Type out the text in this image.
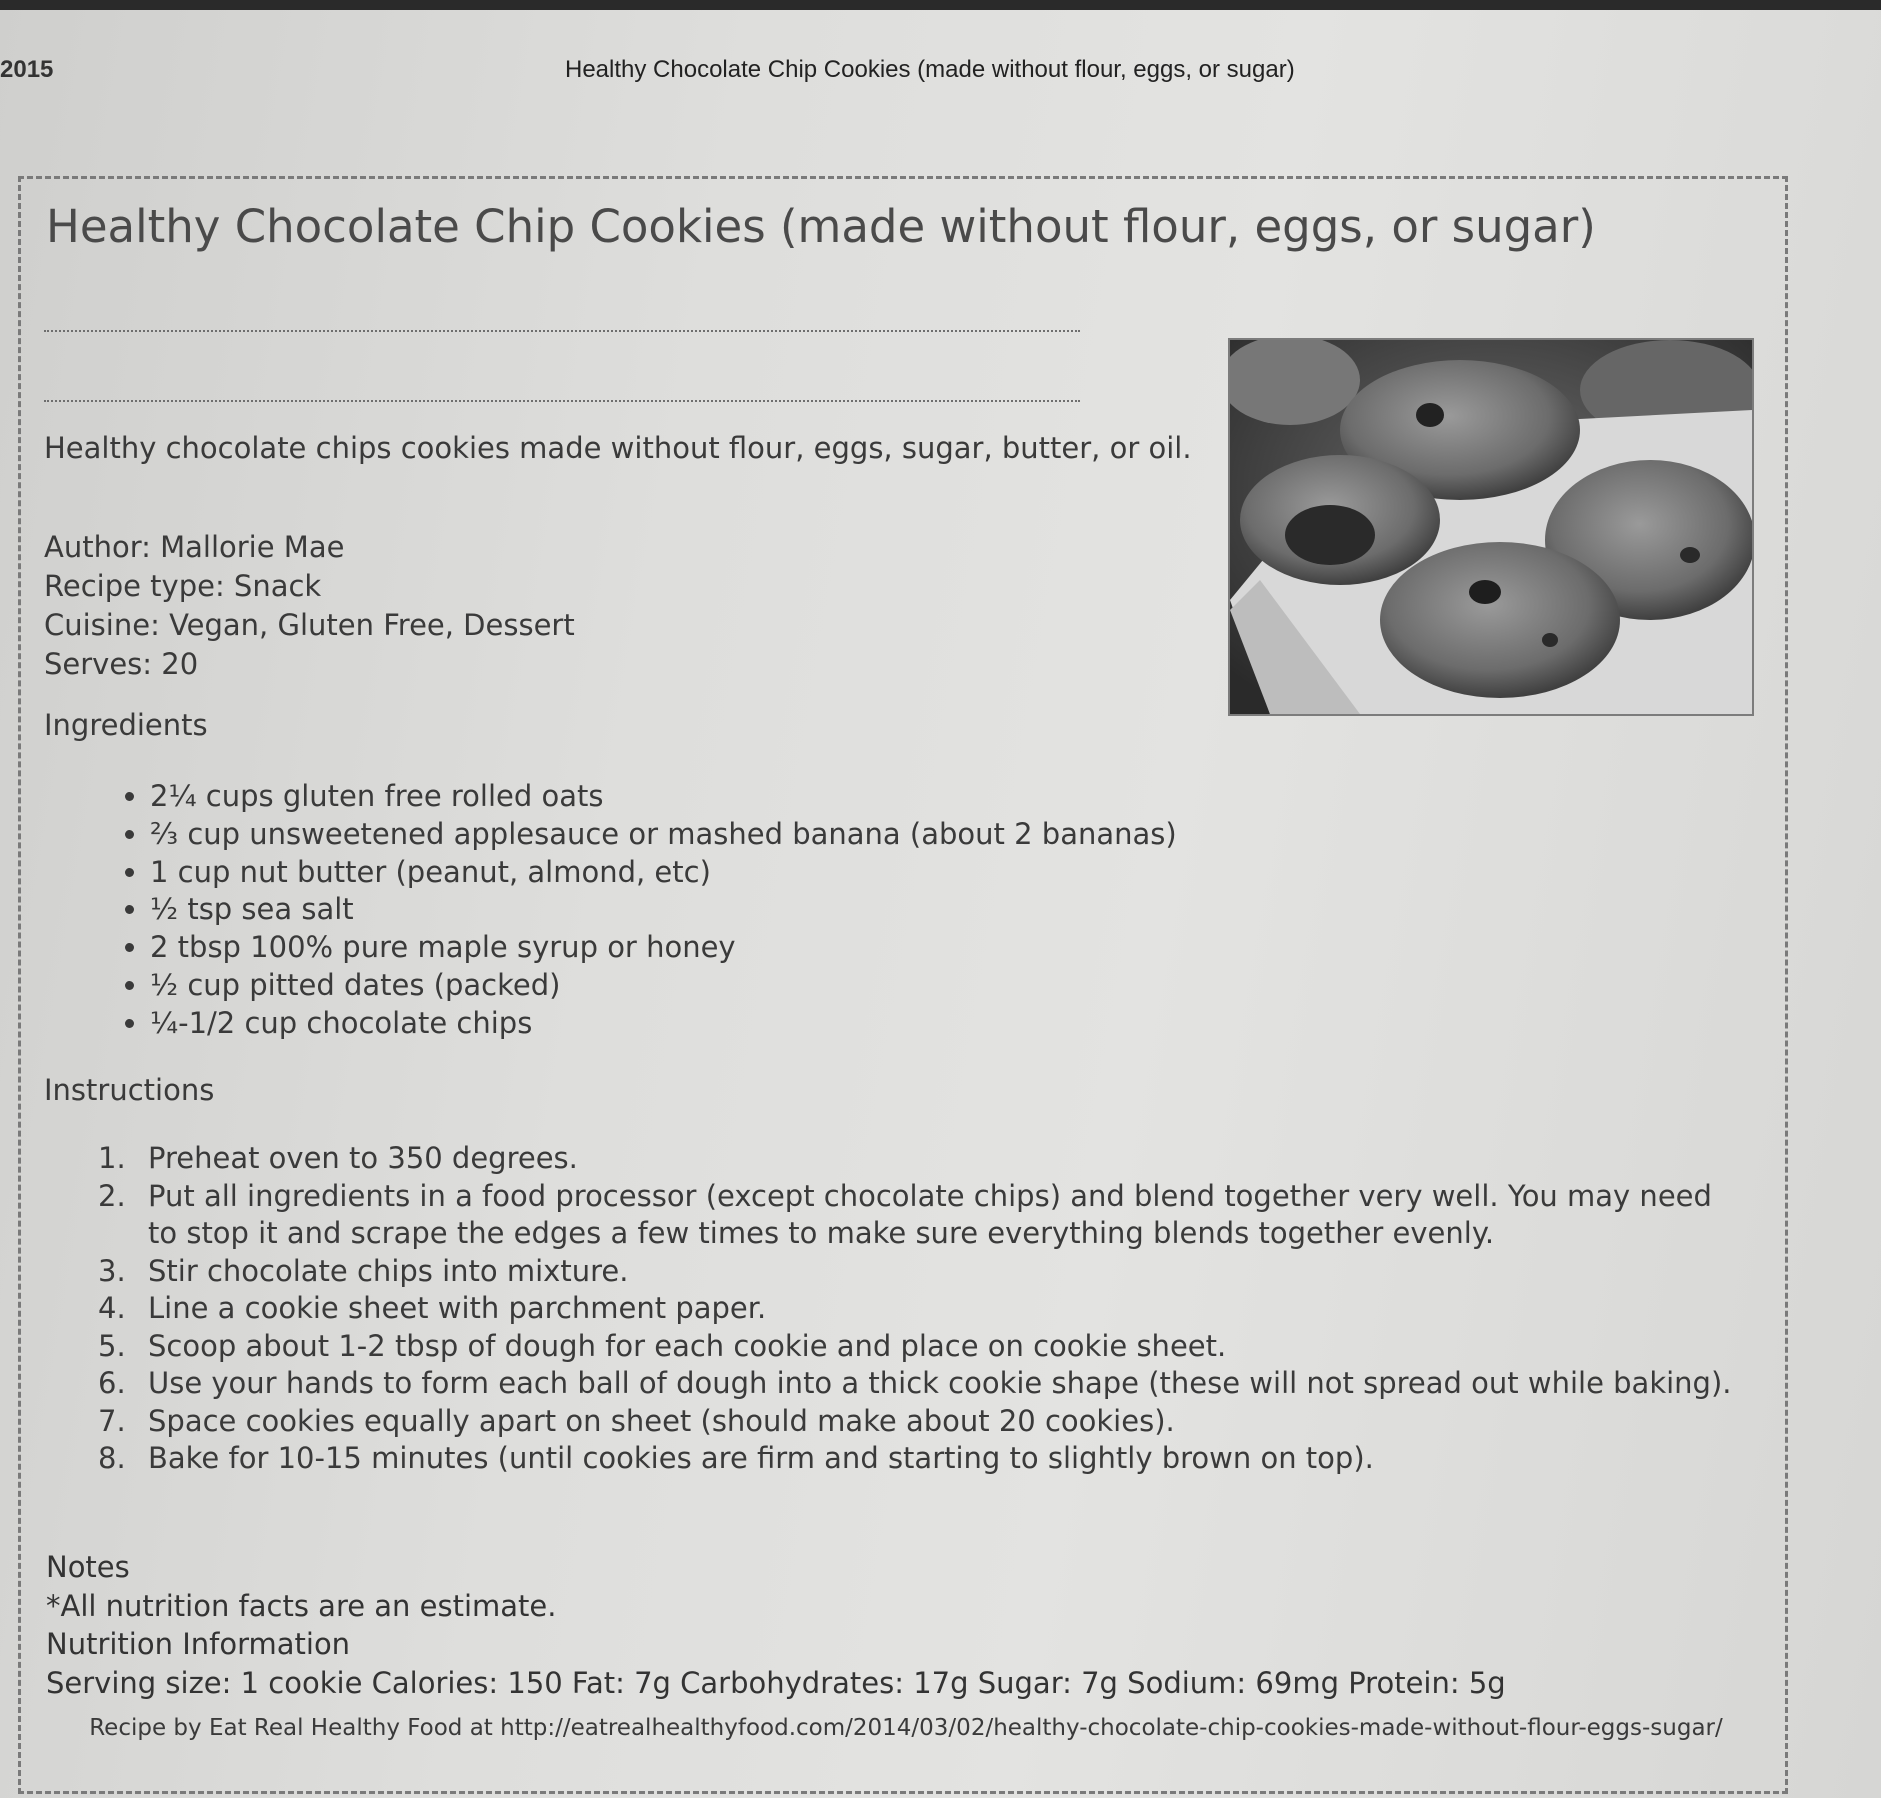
2015	Healthy Chocolate Chip Cookies (made without flour, eggs, or sugar)
Healthy Chocolate Chip Cookies (made without flour, eggs, or sugar)
Healthy chocolate chips cookies made without flour, eggs, sugar, butter, or oil.
Author: Mallorie Mae
Recipe type: Snack
Cuisine: Vegan, Gluten Free, Dessert
Serves: 20
Ingredients
• 2¼ cups gluten free rolled oats
• ⅔ cup unsweetened applesauce or mashed banana (about 2 bananas)
• 1 cup nut butter (peanut, almond, etc)
• ½ tsp sea salt
• 2 tbsp 100% pure maple syrup or honey
• ½ cup pitted dates (packed)
• ¼-1/2 cup chocolate chips
Instructions
Preheat oven to 350 degrees.
Put all ingredients in a food processor (except chocolate chips) and blend together very well. You may need to stop it and scrape the edges a few times to make sure everything blends together evenly.
Stir chocolate chips into mixture.
Line a cookie sheet with parchment paper.
Scoop about 1-2 tbsp of dough for each cookie and place on cookie sheet.
Use your hands to form each ball of dough into a thick cookie shape (these will not spread out while baking).
Space cookies equally apart on sheet (should make about 20 cookies).
Bake for 10-15 minutes (until cookies are firm and starting to slightly brown on top).
Notes
*All nutrition facts are an estimate.
Nutrition Information
Serving size: 1 cookie Calories: 150 Fat: 7g Carbohydrates: 17g Sugar: 7g Sodium: 69mg Protein: 5g
Recipe by Eat Real Healthy Food at http://eatrealhealthyfood.com/2014/03/02/healthy-chocolate-chip-cookies-made-without-flour-eggs-sugar/
